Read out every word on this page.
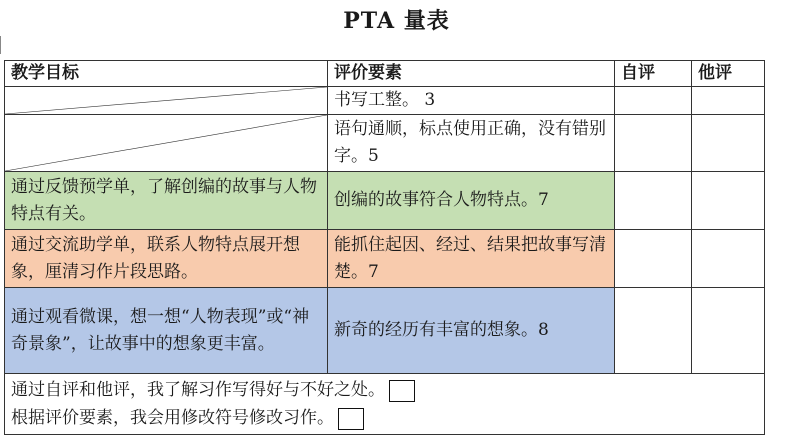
PTA 量表
教学目标	评价要素	自评	他评

	书写工整。 3		

	语句通顺，标点使用正确，没有错别字。5		
通过反馈预学单，了解创编的故事与人物特点有关。	创编的故事符合人物特点。7		
通过交流助学单，联系人物特点展开想象，厘清习作片段思路。	能抓住起因、经过、结果把故事写清楚。7		
通过观看微课，想一想“人物表现”或“神奇景象”，让故事中的想象更丰富。	新奇的经历有丰富的想象。8		

通过自评和他评，我了解习作写得好与不好之处。
根据评价要素，我会用修改符号修改习作。			
